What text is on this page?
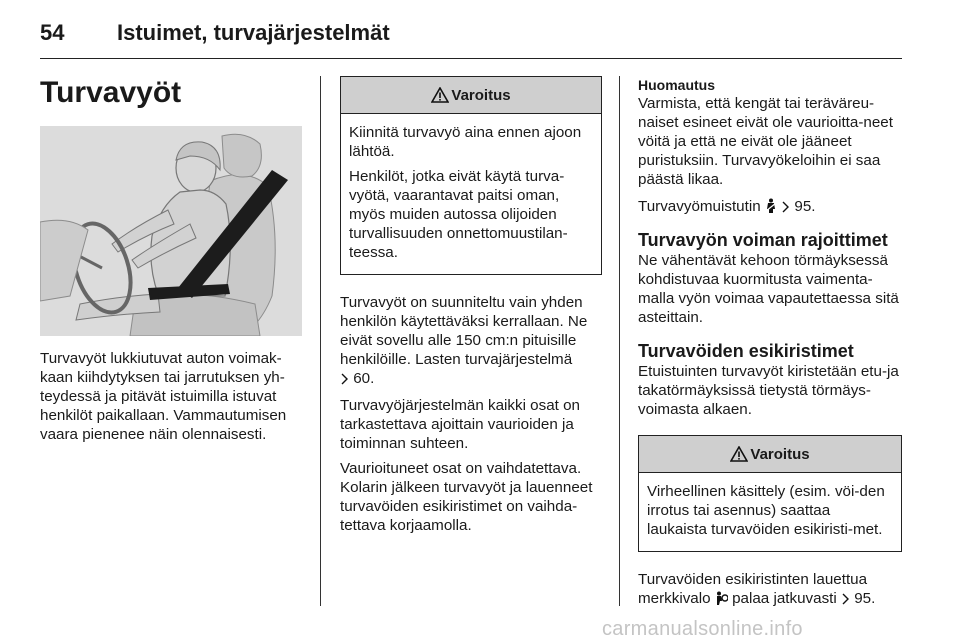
54 Istuimet, turvajärjestelmät
Turvavyöt

Turvavyöt lukkiutuvat auton voimak-kaan kiihdytyksen tai jarrutuksen yh-teydessä ja pitävät istuimilla istuvat henkilöt paikallaan. Vammautumisen vaara pienenee näin olennaisesti.

Varoitus

Kiinnitä turvavyö aina ennen ajoon lähtöä.

Henkilöt, jotka eivät käytä turva-vyötä, vaarantavat paitsi oman, myös muiden autossa olijoiden turvallisuuden onnettomuustilan-teessa.

Turvavyöt on suunniteltu vain yhden henkilön käytettäväksi kerrallaan. Ne eivät sovellu alle 150 cm:n pituisille henkilöille. Lasten turvajärjestelmä
60.

Turvavyöjärjestelmän kaikki osat on tarkastettava ajoittain vaurioiden ja toiminnan suhteen.

Vaurioituneet osat on vaihdatettava. Kolarin jälkeen turvavyöt ja lauenneet turvavöiden esikiristimet on vaihda-tettava korjaamolla.

Huomautus
Varmista, että kengät tai teräväreu-naiset esineet eivät ole vaurioitta-neet vöitä ja että ne eivät ole jääneet puristuksiin. Turvavyökeloihin ei saa päästä likaa.

Turvavyömuistutin 95.

Turvavyön voiman rajoittimet

Ne vähentävät kehoon törmäyksessä kohdistuvaa kuormitusta vaimenta-malla vyön voimaa vapautettaessa sitä asteittain.

Turvavöiden esikiristimet

Etuistuinten turvavyöt kiristetään etu-ja takatörmäyksissä tietystä törmäys-voimasta alkaen.

Varoitus

Virheellinen käsittely (esim. vöi-den irrotus tai asennus) saattaa laukaista turvavöiden esikiristi-met.

Turvavöiden esikiristinten lauettua merkkivalo palaa jatkuvasti 95.

carmanualsonline.info
